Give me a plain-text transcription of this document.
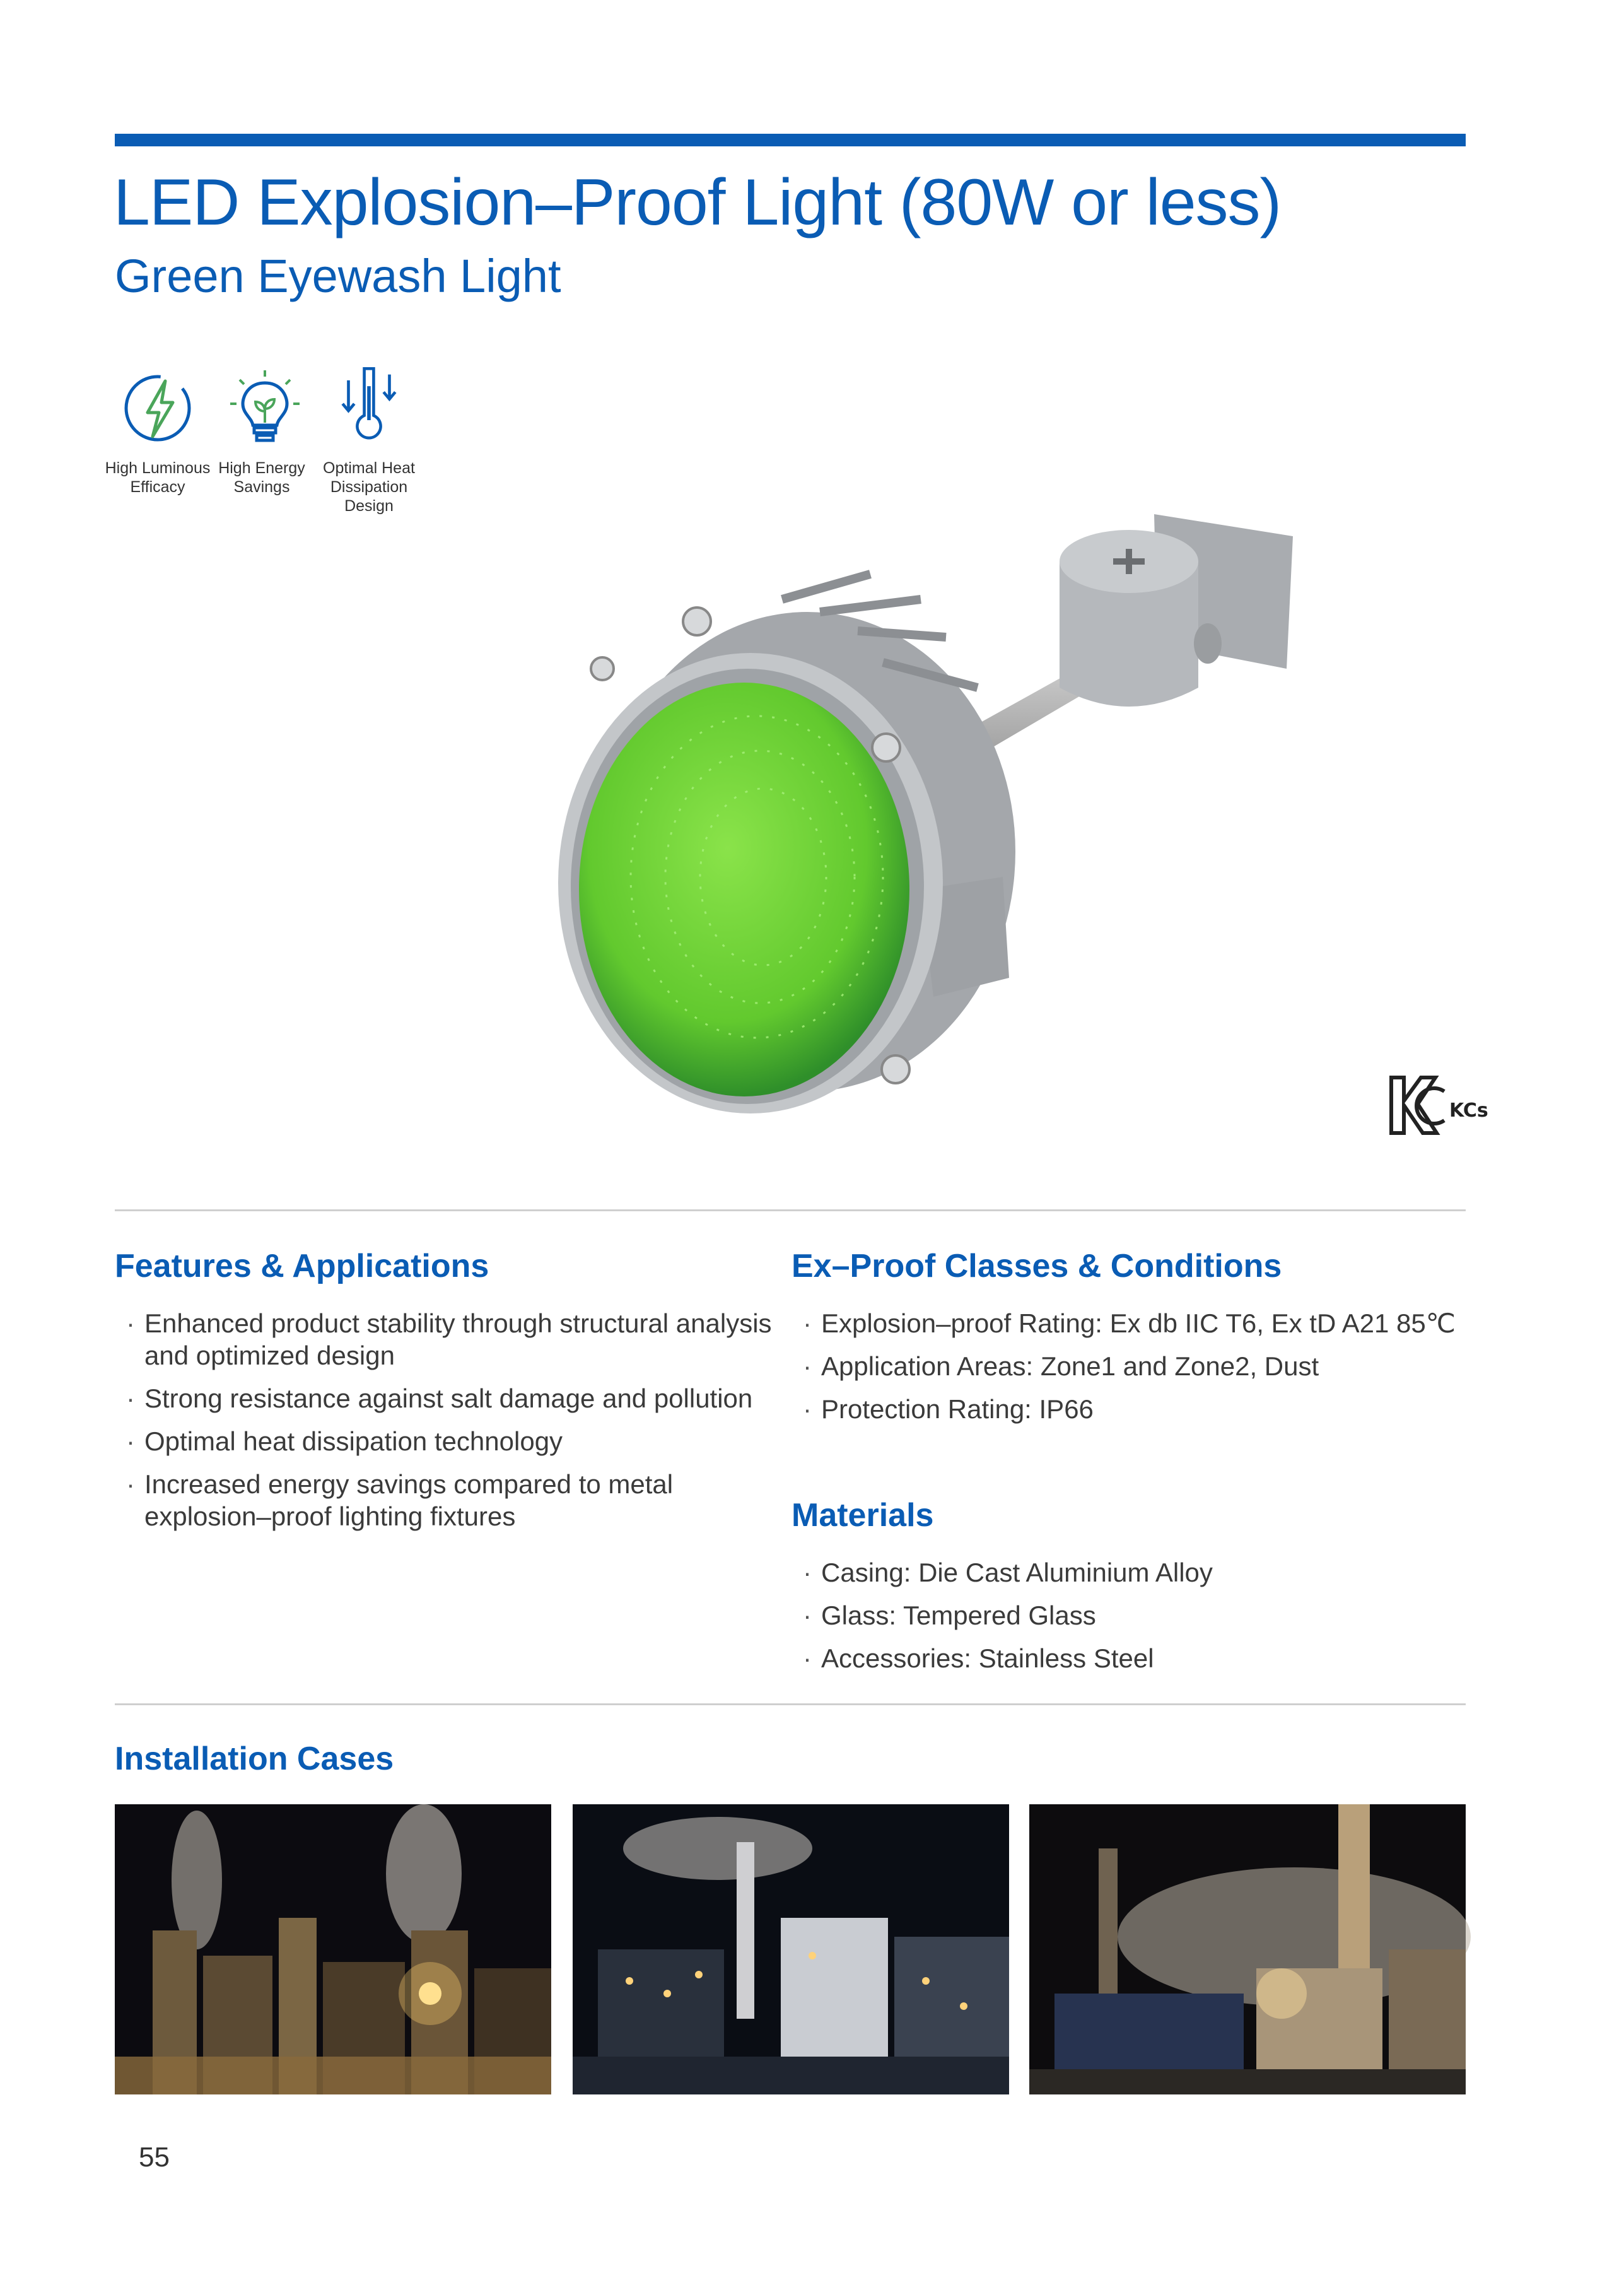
LED Explosion–Proof Light (80W or less)
Green Eyewash Light
High Luminous Efficacy
High Energy Savings
Optimal Heat Dissipation Design
KCs
Features & Applications
· Enhanced product stability through structural analysis and optimized design
· Strong resistance against salt damage and pollution
· Optimal heat dissipation technology
· Increased energy savings compared to metal explosion–proof lighting fixtures
Ex–Proof Classes & Conditions
· Explosion–proof Rating: Ex db IIC T6, Ex tD A21 85℃
· Application Areas: Zone1 and Zone2, Dust
· Protection Rating: IP66
Materials
· Casing: Die Cast Aluminium Alloy
· Glass: Tempered Glass
· Accessories: Stainless Steel
Installation Cases
55
